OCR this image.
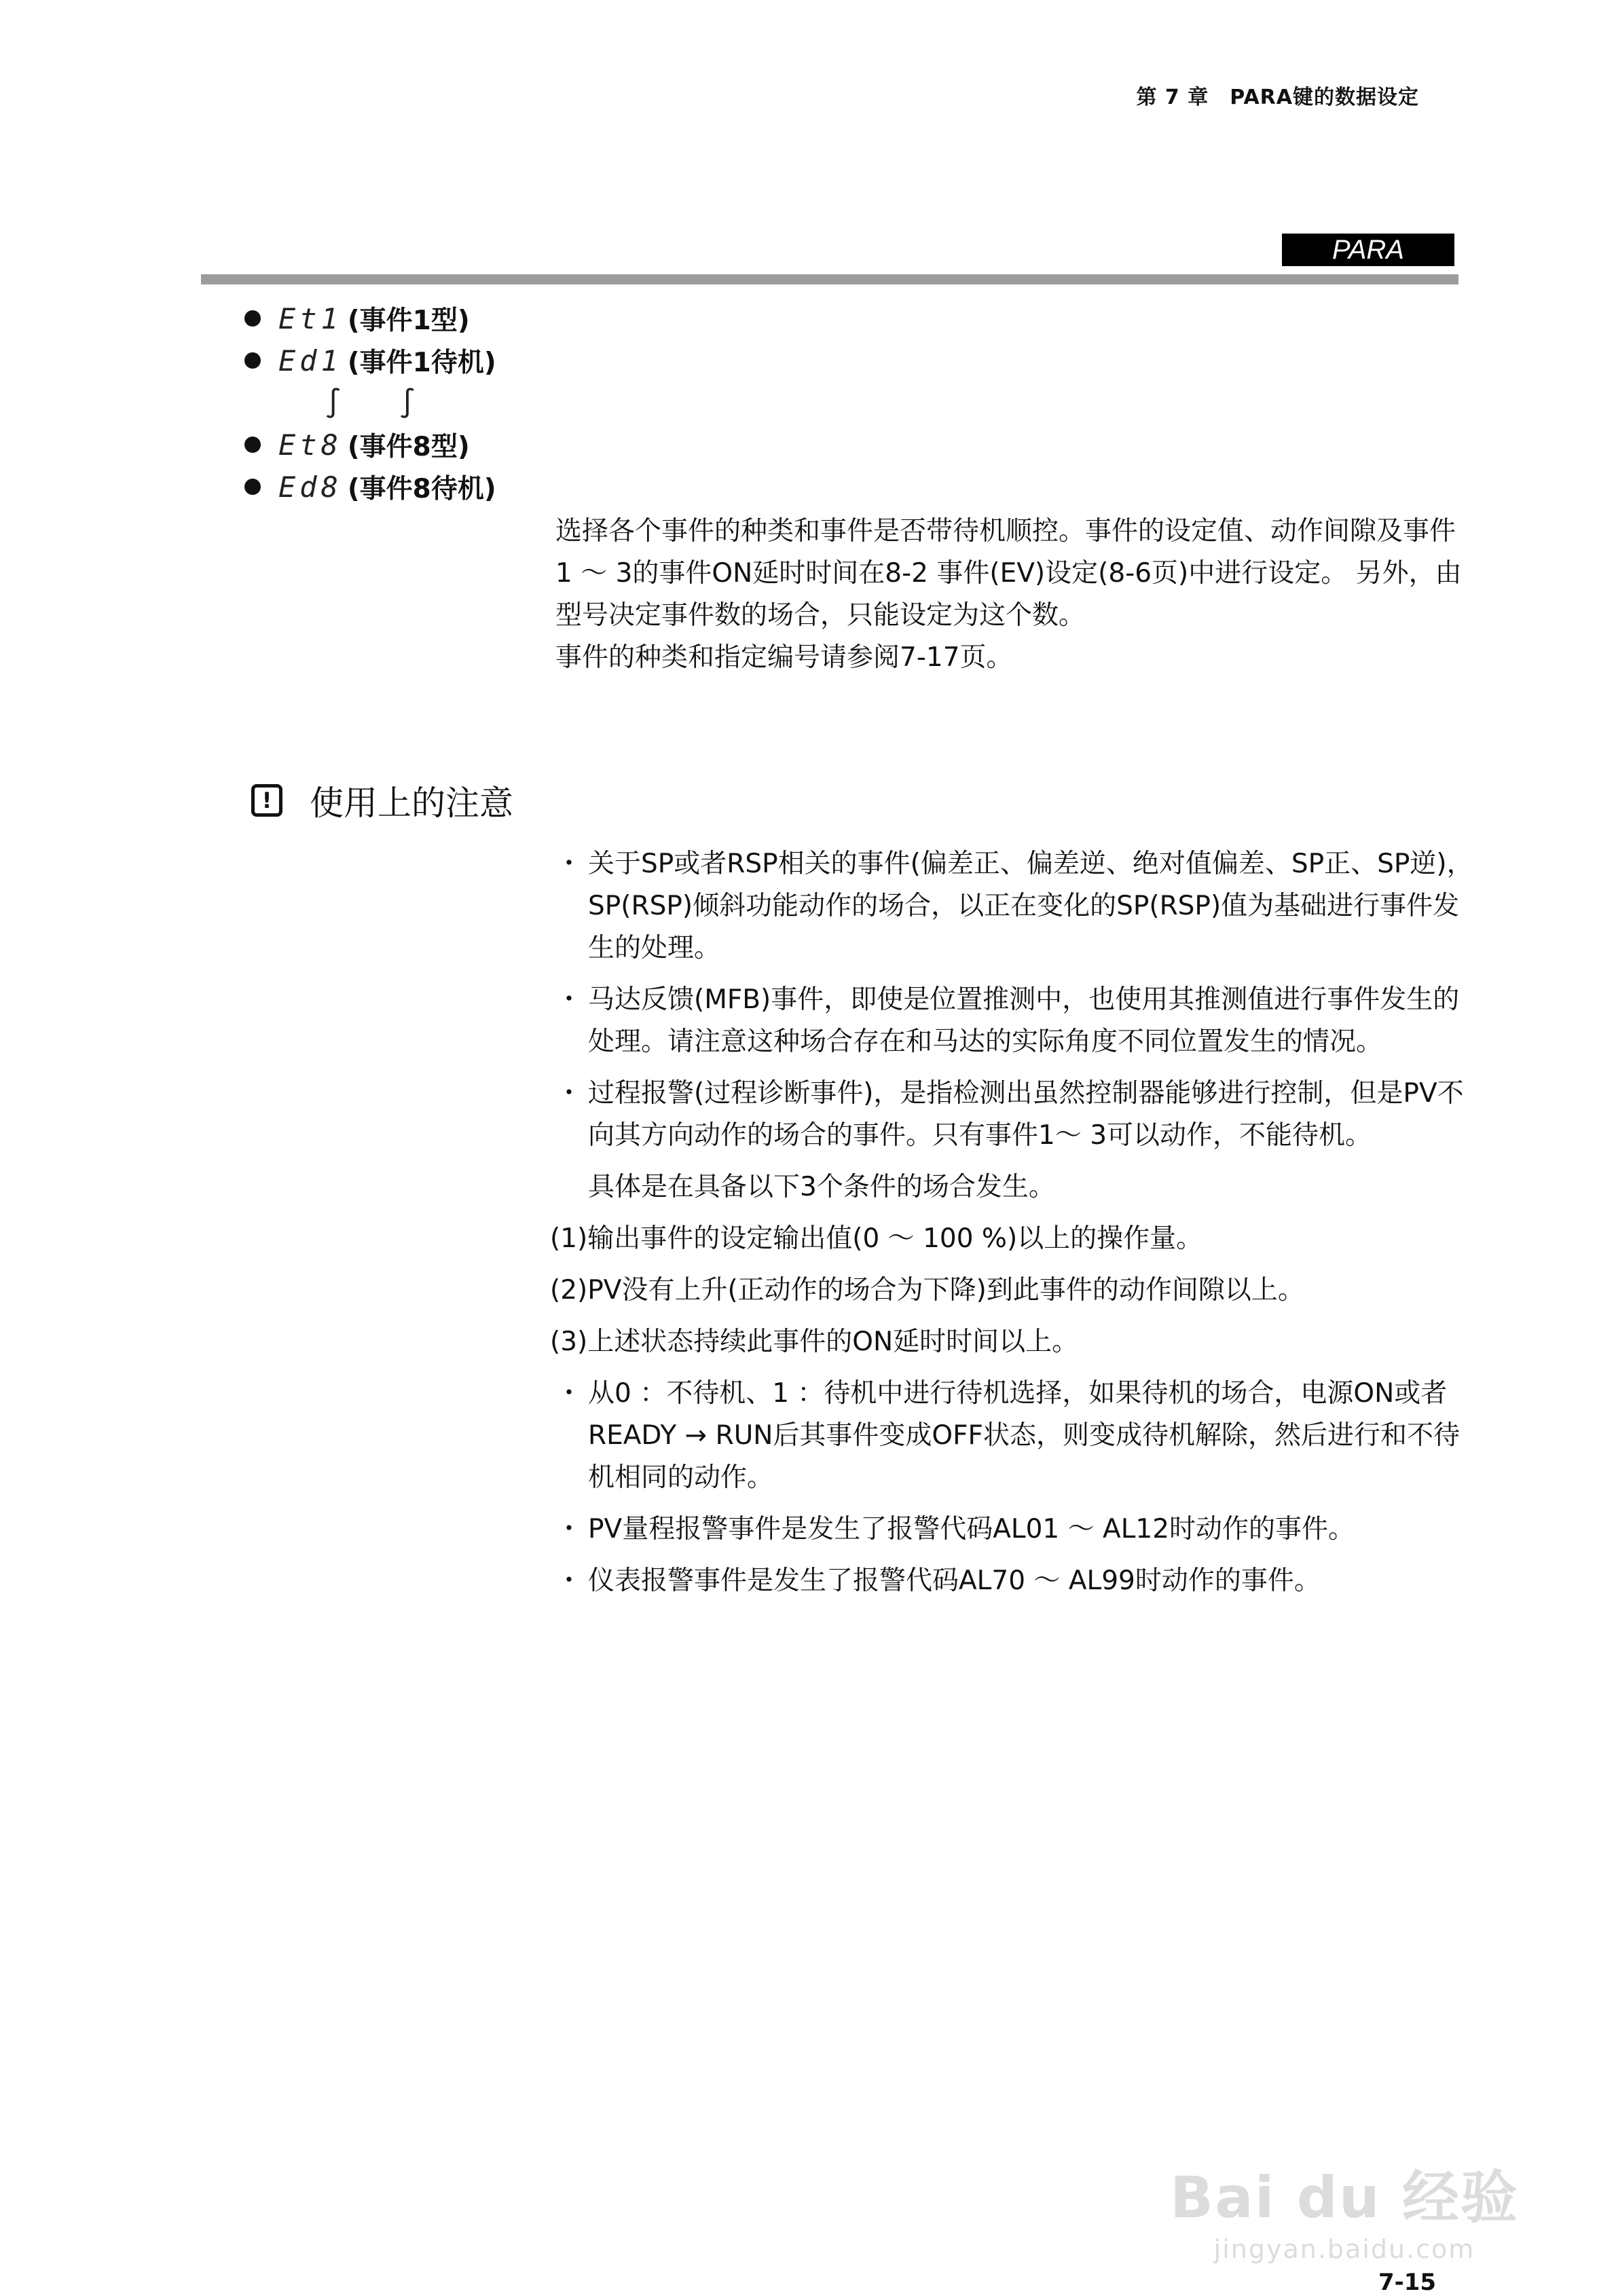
第 7 章　PARA键的数据设定
PARA
Et1 (事件1型)
Ed1 (事件1待机)
∫ ∫
Et8 (事件8型)
Ed8 (事件8待机)

选择各个事件的种类和事件是否带待机顺控。事件的设定值、动作间隙及事件1 ～ 3的事件ON延时时间在8-2 事件(EV)设定(8-6页)中进行设定。 另外，由型号决定事件数的场合，只能设定为这个数。

事件的种类和指定编号请参阅7-17页。

!	使用上的注意
・ 关于SP或者RSP相关的事件(偏差正、偏差逆、绝对值偏差、SP正、SP逆)，SP(RSP)倾斜功能动作的场合，以正在变化的SP(RSP)值为基础进行事件发生的处理。
・ 马达反馈(MFB)事件，即使是位置推测中，也使用其推测值进行事件发生的处理。请注意这种场合存在和马达的实际角度不同位置发生的情况。
・ 过程报警(过程诊断事件)，是指检测出虽然控制器能够进行控制，但是PV不向其方向动作的场合的事件。只有事件1～ 3可以动作，不能待机。
具体是在具备以下3个条件的场合发生。
(1)输出事件的设定输出值(0 ～ 100 %)以上的操作量。
(2)PV没有上升(正动作的场合为下降)到此事件的动作间隙以上。
(3)上述状态持续此事件的ON延时时间以上。
・ 从0 ：不待机、1 ：待机中进行待机选择，如果待机的场合，电源ON或者READY → RUN后其事件变成OFF状态，则变成待机解除，然后进行和不待机相同的动作。
・ PV量程报警事件是发生了报警代码AL01 ～ AL12时动作的事件。
・ 仪表报警事件是发生了报警代码AL70 ～ AL99时动作的事件。
Bai du 经验
jingyan.baidu.com
7-15
